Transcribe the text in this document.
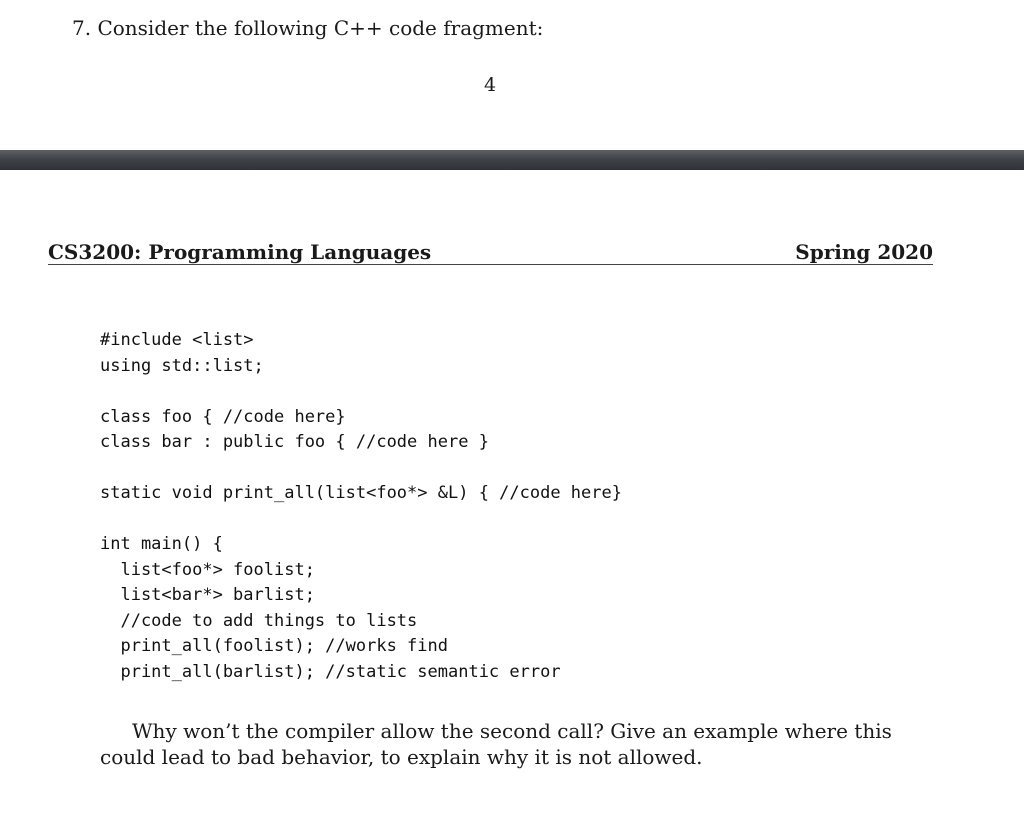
7. Consider the following C++ code fragment:
4
CS3200: Programming Languages	Spring 2020
#include <list>
using std::list;
class foo { //code here}
class bar : public foo { //code here }
static void print_all(list<foo*> &L) { //code here}
int main() {
list<foo*> foolist;
list<bar*> barlist;
//code to add things to lists
print_all(foolist); //works find
print_all(barlist); //static semantic error

Why won’t the compiler allow the second call? Give an example where this could lead to bad behavior, to explain why it is not allowed.
